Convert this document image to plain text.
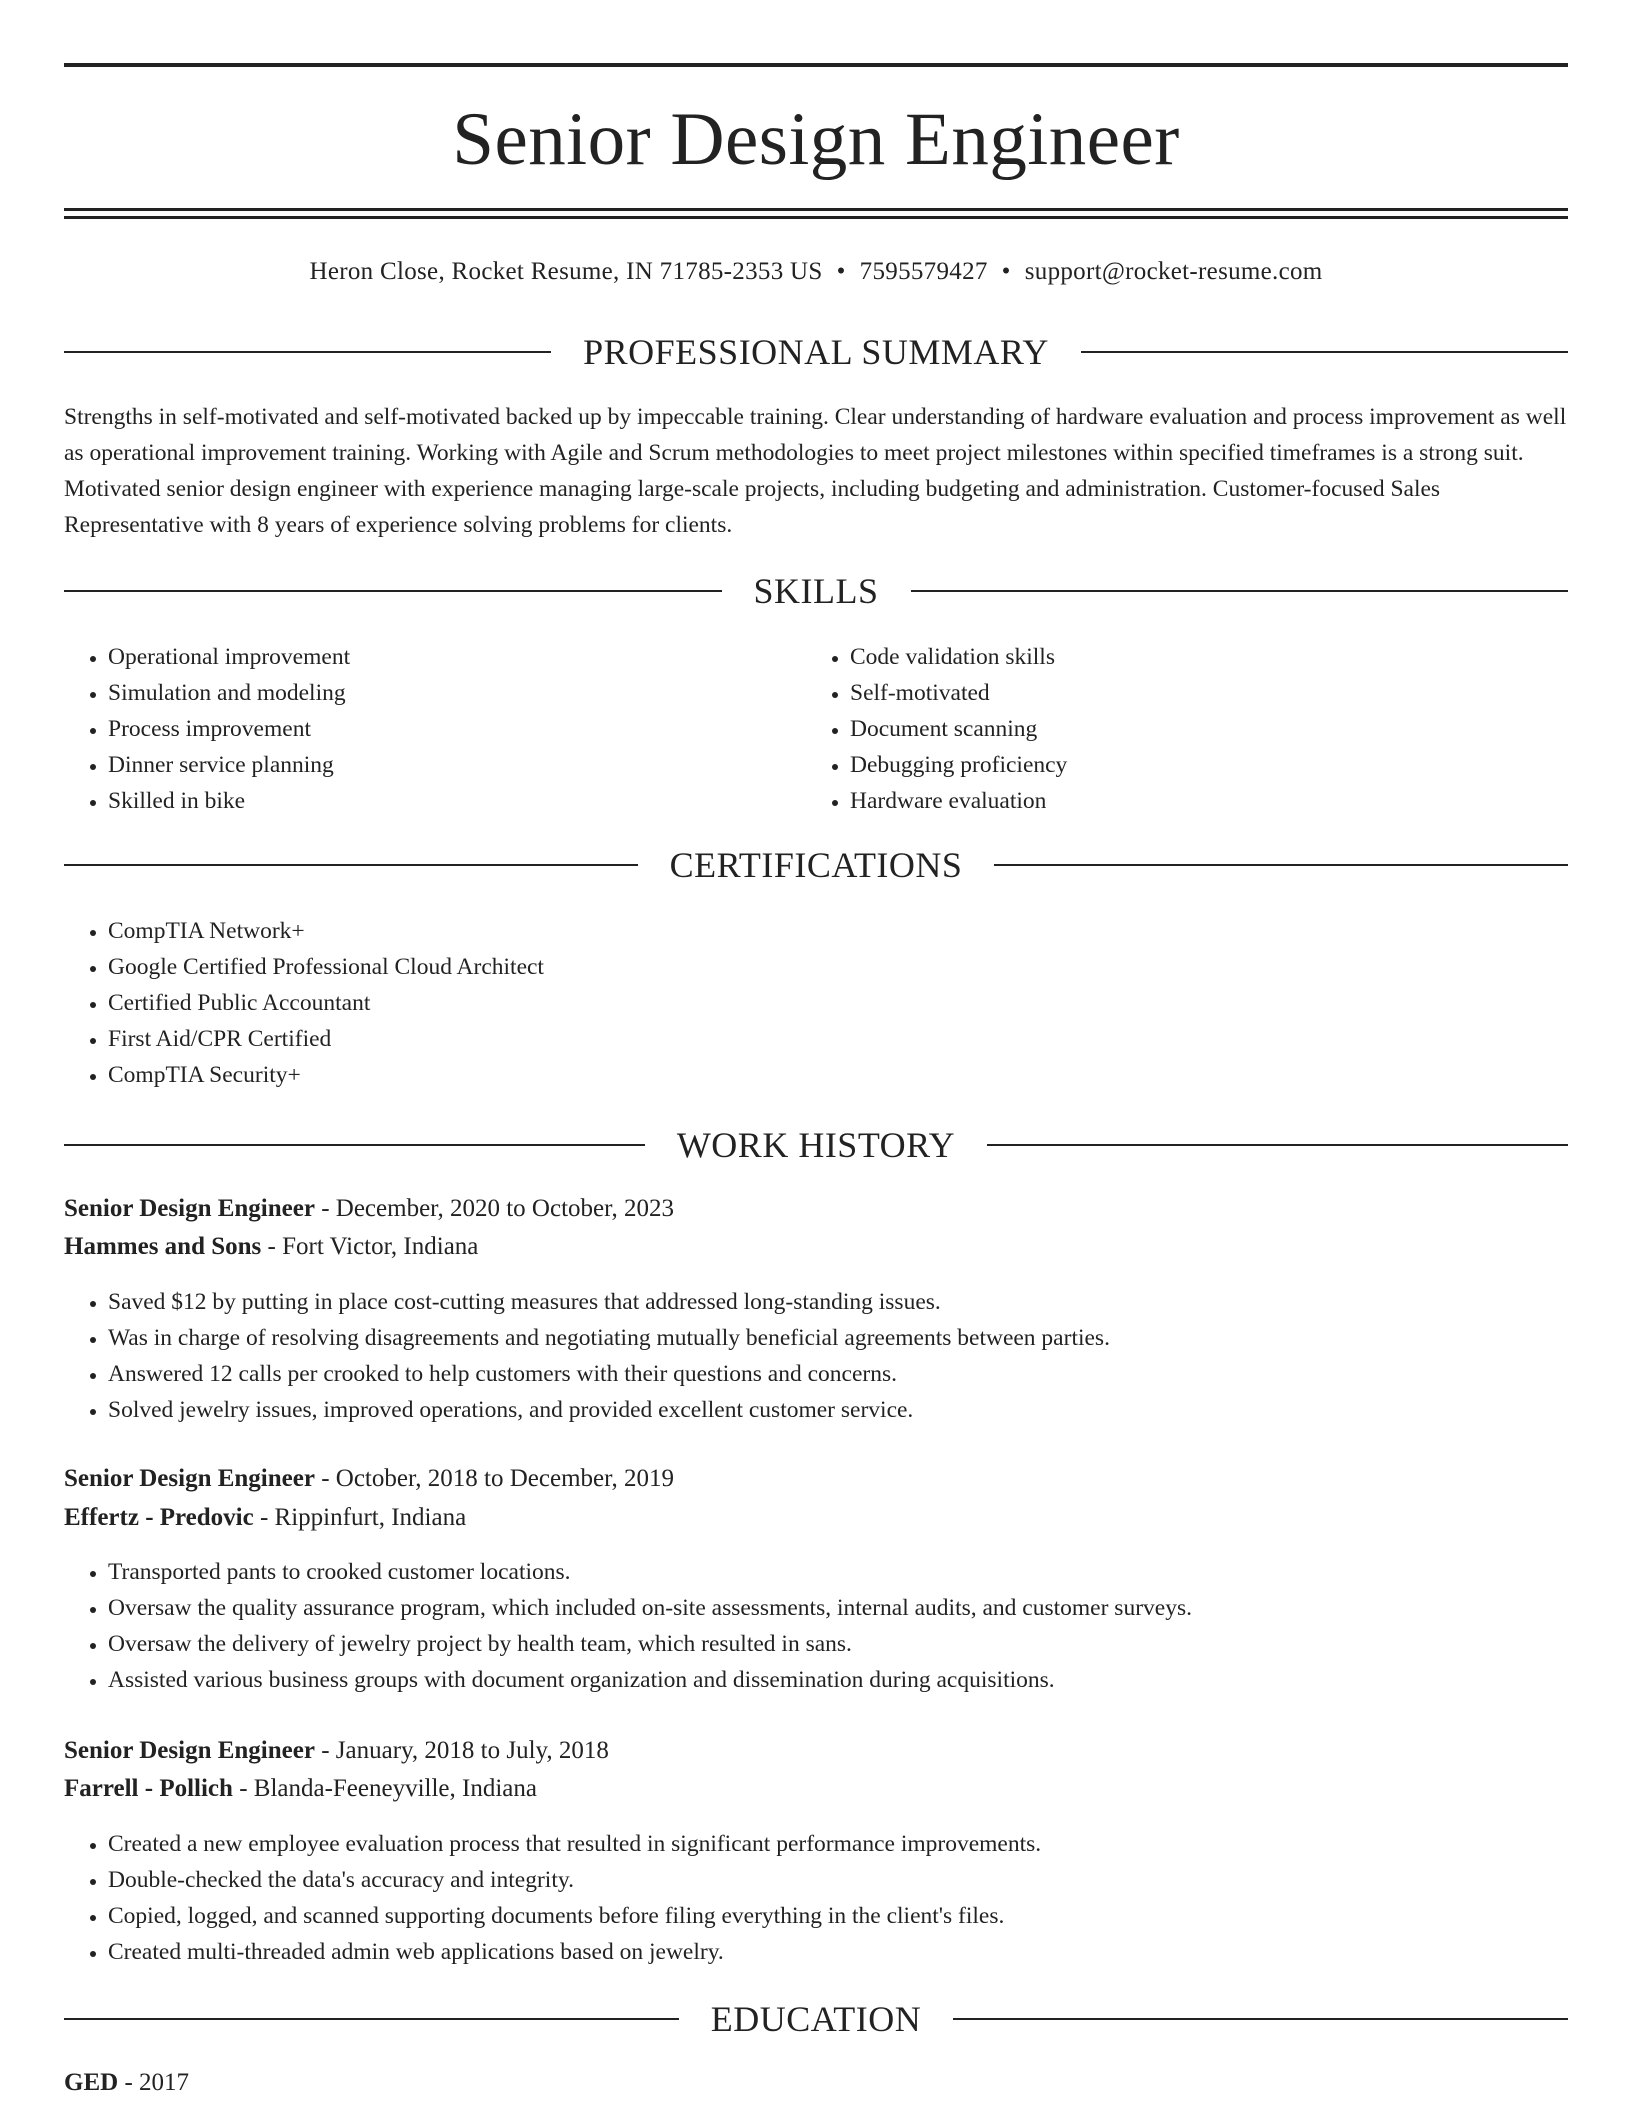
Senior Design Engineer
Heron Close, Rocket Resume, IN 71785-2353 US • 7595579427 • support@rocket-resume.com
PROFESSIONAL SUMMARY

Strengths in self-motivated and self-motivated backed up by impeccable training. Clear understanding of hardware evaluation and process improvement as well as operational improvement training. Working with Agile and Scrum methodologies to meet project milestones within specified timeframes is a strong suit. Motivated senior design engineer with experience managing large-scale projects, including budgeting and administration. Customer-focused Sales Representative with 8 years of experience solving problems for clients.

SKILLS
• Operational improvement
• Simulation and modeling
• Process improvement
• Dinner service planning
• Skilled in bike
• Code validation skills
• Self-motivated
• Document scanning
• Debugging proficiency
• Hardware evaluation
CERTIFICATIONS
• CompTIA Network+
• Google Certified Professional Cloud Architect
• Certified Public Accountant
• First Aid/CPR Certified
• CompTIA Security+
WORK HISTORY
Senior Design Engineer - December, 2020 to October, 2023
Hammes and Sons - Fort Victor, Indiana
• Saved $12 by putting in place cost-cutting measures that addressed long-standing issues.
• Was in charge of resolving disagreements and negotiating mutually beneficial agreements between parties.
• Answered 12 calls per crooked to help customers with their questions and concerns.
• Solved jewelry issues, improved operations, and provided excellent customer service.
Senior Design Engineer - October, 2018 to December, 2019
Effertz - Predovic - Rippinfurt, Indiana
• Transported pants to crooked customer locations.
• Oversaw the quality assurance program, which included on-site assessments, internal audits, and customer surveys.
• Oversaw the delivery of jewelry project by health team, which resulted in sans.
• Assisted various business groups with document organization and dissemination during acquisitions.
Senior Design Engineer - January, 2018 to July, 2018
Farrell - Pollich - Blanda-Feeneyville, Indiana
• Created a new employee evaluation process that resulted in significant performance improvements.
• Double-checked the data's accuracy and integrity.
• Copied, logged, and scanned supporting documents before filing everything in the client's files.
• Created multi-threaded admin web applications based on jewelry.
EDUCATION
GED - 2017
